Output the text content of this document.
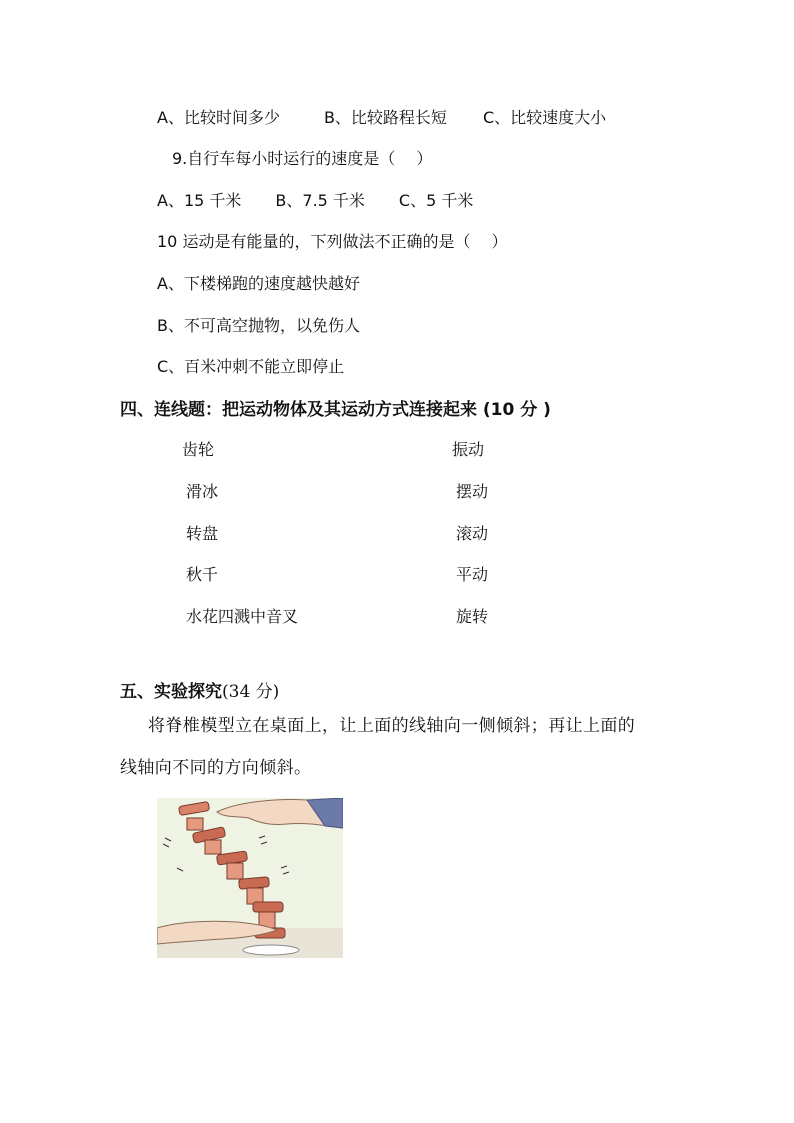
A、比较时间多少	B、比较路程长短 C、比较速度大小
9.自行车每小时运行的速度是（　 ）
A、15 千米 B、7.5 千米 C、5 千米
10 运动是有能量的，下列做法不正确的是（　 ）
A、下楼梯跑的速度越快越好
B、不可高空抛物，以免伤人
C、百米冲刺不能立即停止
四、连线题：把运动物体及其运动方式连接起来 (10 分 )
齿轮
滑冰
转盘
秋千
水花四溅中音叉
振动
摆动
滚动
平动
旋转
五、实验探究(34 分)
将脊椎模型立在桌面上，让上面的线轴向一侧倾斜；再让上面的
线轴向不同的方向倾斜。
